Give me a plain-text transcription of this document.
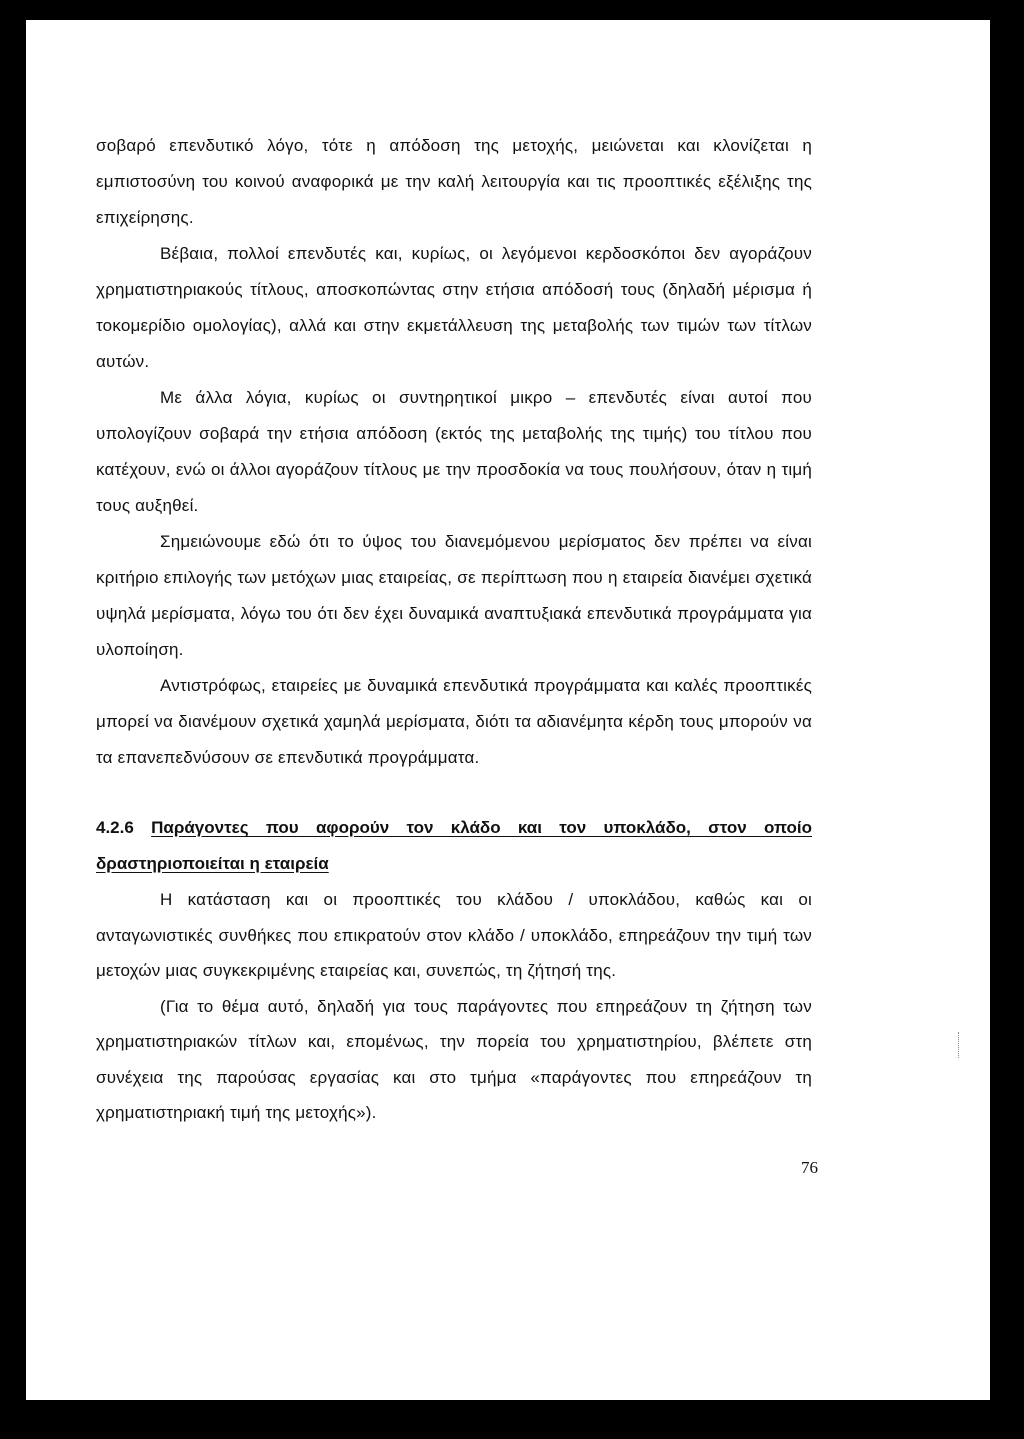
σοβαρό επενδυτικό λόγο, τότε η απόδοση της μετοχής, μειώνεται και κλονίζεται η εμπιστοσύνη του κοινού αναφορικά με την καλή λειτουργία και τις προοπτικές εξέλιξης της επιχείρησης.

Βέβαια, πολλοί επενδυτές και, κυρίως, οι λεγόμενοι κερδοσκόποι δεν αγοράζουν χρηματιστηριακούς τίτλους, αποσκοπώντας στην ετήσια απόδοσή τους (δηλαδή μέρισμα ή τοκομερίδιο ομολογίας), αλλά και στην εκμετάλλευση της μεταβολής των τιμών των τίτλων αυτών.

Με άλλα λόγια, κυρίως οι συντηρητικοί μικρο – επενδυτές είναι αυτοί που υπολογίζουν σοβαρά την ετήσια απόδοση (εκτός της μεταβολής της τιμής) του τίτλου που κατέχουν, ενώ οι άλλοι αγοράζουν τίτλους με την προσδοκία να τους πουλήσουν, όταν η τιμή τους αυξηθεί.

Σημειώνουμε εδώ ότι το ύψος του διανεμόμενου μερίσματος δεν πρέπει να είναι κριτήριο επιλογής των μετόχων μιας εταιρείας, σε περίπτωση που η εταιρεία διανέμει σχετικά υψηλά μερίσματα, λόγω του ότι δεν έχει δυναμικά αναπτυξιακά επενδυτικά προγράμματα για υλοποίηση.

Αντιστρόφως, εταιρείες με δυναμικά επενδυτικά προγράμματα και καλές προοπτικές μπορεί να διανέμουν σχετικά χαμηλά μερίσματα, διότι τα αδιανέμητα κέρδη τους μπορούν να τα επανεπεδνύσουν σε επενδυτικά προγράμματα.

4.2.6 Παράγοντες που αφορούν τον κλάδο και τον υποκλάδο, στον οποίο δραστηριοποιείται η εταιρεία

Η κατάσταση και οι προοπτικές του κλάδου / υποκλάδου, καθώς και οι ανταγωνιστικές συνθήκες που επικρατούν στον κλάδο / υποκλάδο, επηρεάζουν την τιμή των μετοχών μιας συγκεκριμένης εταιρείας και, συνεπώς, τη ζήτησή της.

(Για το θέμα αυτό, δηλαδή για τους παράγοντες που επηρεάζουν τη ζήτηση των χρηματιστηριακών τίτλων και, επομένως, την πορεία του χρηματιστηρίου, βλέπετε στη συνέχεια της παρούσας εργασίας και στο τμήμα «παράγοντες που επηρεάζουν τη χρηματιστηριακή τιμή της μετοχής»).

76
